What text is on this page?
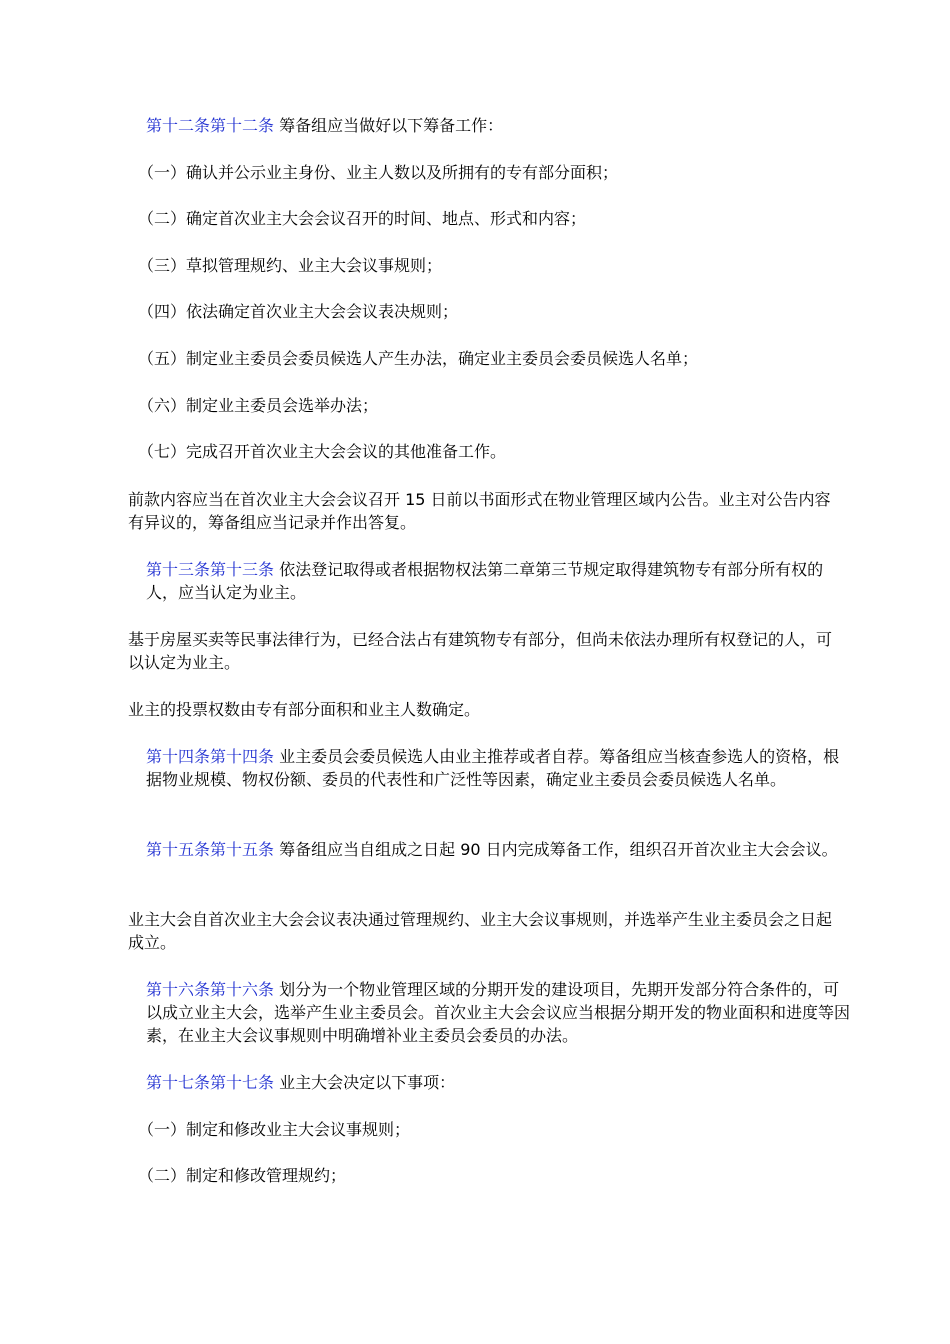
第十二条第十二条 筹备组应当做好以下筹备工作：
（一）确认并公示业主身份、业主人数以及所拥有的专有部分面积；
（二）确定首次业主大会会议召开的时间、地点、形式和内容；
（三）草拟管理规约、业主大会议事规则；
（四）依法确定首次业主大会会议表决规则；
（五）制定业主委员会委员候选人产生办法，确定业主委员会委员候选人名单；
（六）制定业主委员会选举办法；
（七）完成召开首次业主大会会议的其他准备工作。
前款内容应当在首次业主大会会议召开 15 日前以书面形式在物业管理区域内公告。业主对公告内容有异议的，筹备组应当记录并作出答复。
第十三条第十三条 依法登记取得或者根据物权法第二章第三节规定取得建筑物专有部分所有权的人，应当认定为业主。
基于房屋买卖等民事法律行为，已经合法占有建筑物专有部分，但尚未依法办理所有权登记的人，可以认定为业主。
业主的投票权数由专有部分面积和业主人数确定。
第十四条第十四条 业主委员会委员候选人由业主推荐或者自荐。筹备组应当核查参选人的资格，根据物业规模、物权份额、委员的代表性和广泛性等因素，确定业主委员会委员候选人名单。
第十五条第十五条 筹备组应当自组成之日起 90 日内完成筹备工作，组织召开首次业主大会会议。
业主大会自首次业主大会会议表决通过管理规约、业主大会议事规则，并选举产生业主委员会之日起成立。
第十六条第十六条 划分为一个物业管理区域的分期开发的建设项目，先期开发部分符合条件的，可以成立业主大会，选举产生业主委员会。首次业主大会会议应当根据分期开发的物业面积和进度等因素，在业主大会议事规则中明确增补业主委员会委员的办法。
第十七条第十七条 业主大会决定以下事项：
（一）制定和修改业主大会议事规则；
（二）制定和修改管理规约；
